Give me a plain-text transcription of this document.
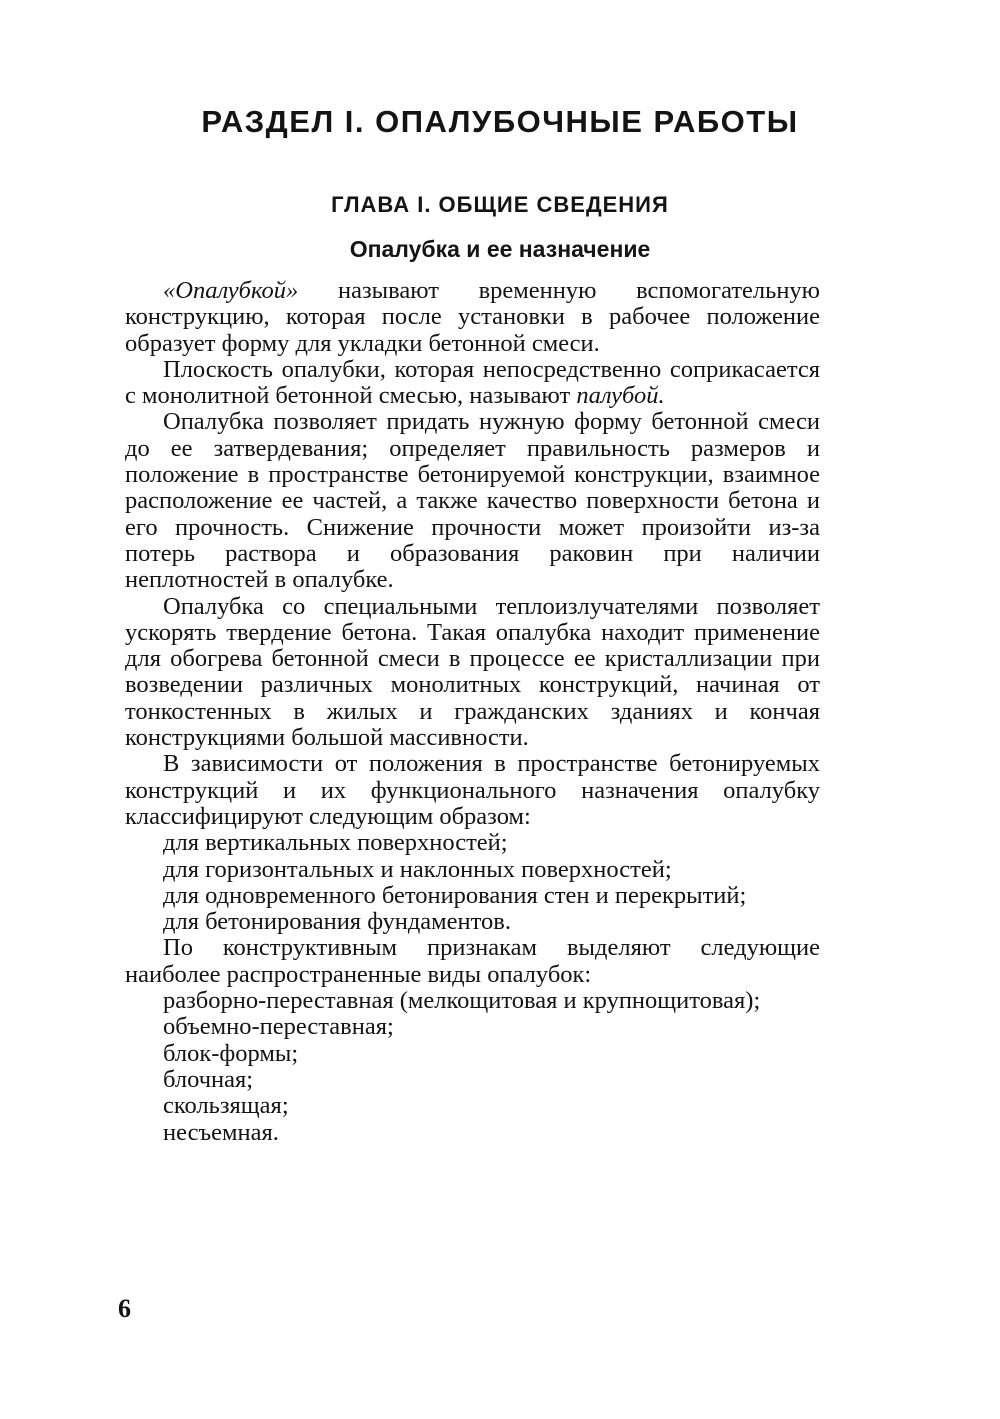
РАЗДЕЛ I. ОПАЛУБОЧНЫЕ РАБОТЫ
ГЛАВА I. ОБЩИЕ СВЕДЕНИЯ
Опалубка и ее назначение

«Опалубкой» называют временную вспомогательную конструкцию, которая после установки в рабочее положение образует форму для укладки бетонной смеси.

Плоскость опалубки, которая непосредственно соприкасается с монолитной бетонной смесью, называют палубой.

Опалубка позволяет придать нужную форму бетонной смеси до ее затвердевания; определяет правильность размеров и положение в пространстве бетонируемой конструкции, взаимное расположение ее частей, а также качество поверхности бетона и его прочность. Снижение прочности может произойти из-за потерь раствора и образования раковин при наличии неплотностей в опалубке.

Опалубка со специальными теплоизлучателями позволяет ускорять твердение бетона. Такая опалубка находит применение для обогрева бетонной смеси в процессе ее кристаллизации при возведении различных монолитных конструкций, начиная от тонкостенных в жилых и гражданских зданиях и кончая конструкциями большой массивности.

В зависимости от положения в пространстве бетонируемых конструкций и их функционального назначения опалубку классифицируют следующим образом:

для вертикальных поверхностей;

для горизонтальных и наклонных поверхностей;

для одновременного бетонирования стен и перекрытий;

для бетонирования фундаментов.

По конструктивным признакам выделяют следующие наиболее распространенные виды опалубок:

разборно-переставная (мелкощитовая и крупнощитовая);

объемно-переставная;

блок-формы;

блочная;

скользящая;

несъемная.

6
